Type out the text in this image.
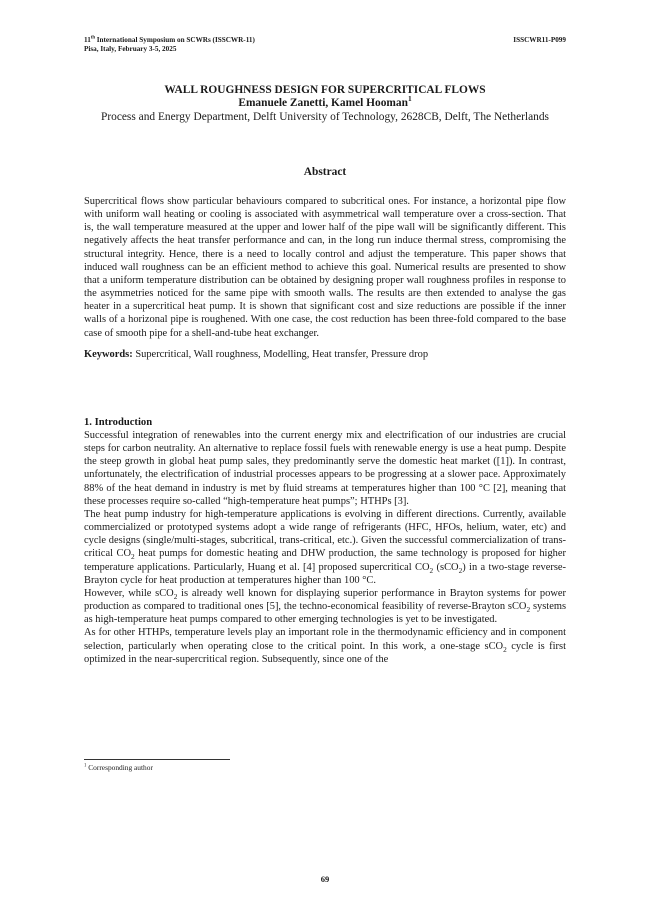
11th International Symposium on SCWRs (ISSCWR-11)
Pisa, Italy, February 3-5, 2025
ISSCWR11-P099
WALL ROUGHNESS DESIGN FOR SUPERCRITICAL FLOWS
Emanuele Zanetti, Kamel Hooman$^1$
Process and Energy Department, Delft University of Technology, 2628CB, Delft, The Netherlands
Abstract
Supercritical flows show particular behaviours compared to subcritical ones. For instance, a horizontal pipe flow with uniform wall heating or cooling is associated with asymmetrical wall temperature over a cross-section. That is, the wall temperature measured at the upper and lower half of the pipe wall will be significantly different. This negatively affects the heat transfer performance and can, in the long run induce thermal stress, compromising the structural integrity. Hence, there is a need to locally control and adjust the temperature. This paper shows that induced wall roughness can be an efficient method to achieve this goal. Numerical results are presented to show that a uniform temperature distribution can be obtained by designing proper wall roughness profiles in response to the asymmetries noticed for the same pipe with smooth walls. The results are then extended to analyse the gas heater in a supercritical heat pump. It is shown that significant cost and size reductions are possible if the inner walls of a horizonal pipe is roughened. With one case, the cost reduction has been three-fold compared to the base case of smooth pipe for a shell-and-tube heat exchanger.
Keywords: Supercritical, Wall roughness, Modelling, Heat transfer, Pressure drop
1. Introduction

Successful integration of renewables into the current energy mix and electrification of our industries are crucial steps for carbon neutrality. An alternative to replace fossil fuels with renewable energy is use a heat pump. Despite the steep growth in global heat pump sales, they predominantly serve the domestic heat market ([1]). In contrast, unfortunately, the electrification of industrial processes appears to be progressing at a slower pace. Approximately 88% of the heat demand in industry is met by fluid streams at temperatures higher than 100 °C [2], meaning that these processes require so-called “high-temperature heat pumps”; HTHPs [3].

The heat pump industry for high-temperature applications is evolving in different directions. Currently, available commercialized or prototyped systems adopt a wide range of refrigerants (HFC, HFOs, helium, water, etc) and cycle designs (single/multi-stages, subcritical, trans-critical, etc.). Given the successful commercialization of trans-critical $CO_2$ heat pumps for domestic heating and DHW production, the same technology is proposed for higher temperature applications. Particularly, Huang et al. [4] proposed supercritical $CO_2$ (sCO$_2$) in a two-stage reverse-Brayton cycle for heat production at temperatures higher than 100 °C.

However, while sCO$_2$ is already well known for displaying superior performance in Brayton systems for power production as compared to traditional ones [5], the techno-economical feasibility of reverse-Brayton sCO$_2$ systems as high-temperature heat pumps compared to other emerging technologies is yet to be investigated.

As for other HTHPs, temperature levels play an important role in the thermodynamic efficiency and in component selection, particularly when operating close to the critical point. In this work, a one-stage sCO$_2$ cycle is first optimized in the near-supercritical region. Subsequently, since one of the

$^1$ Corresponding author
69
